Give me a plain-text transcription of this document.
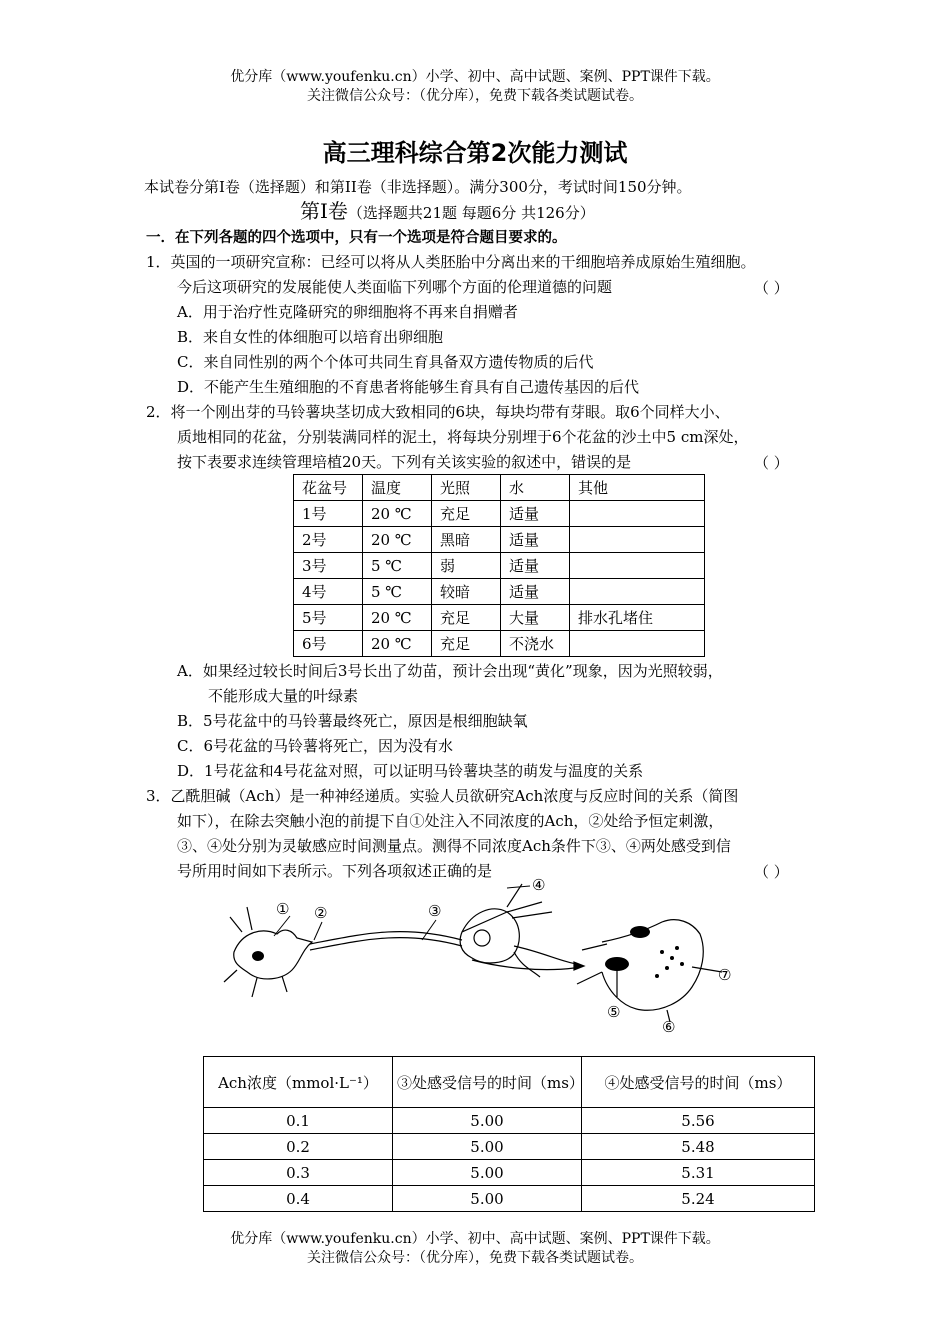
优分库（www.youfenku.cn）小学、初中、高中试题、案例、PPT课件下载。
关注微信公众号：（优分库），免费下载各类试题试卷。
高三理科综合第2次能力测试
本试卷分第I卷（选择题）和第II卷（非选择题）。满分300分，考试时间150分钟。
第Ⅰ卷（选择题共21题 每题6分 共126分）
一．在下列各题的四个选项中，只有一个选项是符合题目要求的。
1．英国的一项研究宣称：已经可以将从人类胚胎中分离出来的干细胞培养成原始生殖细胞。
今后这项研究的发展能使人类面临下列哪个方面的伦理道德的问题	（ ）
A．用于治疗性克隆研究的卵细胞将不再来自捐赠者
B．来自女性的体细胞可以培育出卵细胞
C．来自同性别的两个个体可共同生育具备双方遗传物质的后代
D．不能产生生殖细胞的不育患者将能够生育具有自己遗传基因的后代
2．将一个刚出芽的马铃薯块茎切成大致相同的6块，每块均带有芽眼。取6个同样大小、
质地相同的花盆，分别装满同样的泥土，将每块分别埋于6个花盆的沙土中5 cm深处，
按下表要求连续管理培植20天。下列有关该实验的叙述中，错误的是	（ ）
花盆号	温度	光照	水	其他
1号	20 ℃	充足	适量	
2号	20 ℃	黑暗	适量	
3号	5 ℃	弱	适量	
4号	5 ℃	较暗	适量	
5号	20 ℃	充足	大量	排水孔堵住
6号	20 ℃	充足	不浇水	
A．如果经过较长时间后3号长出了幼苗，预计会出现“黄化”现象，因为光照较弱，
不能形成大量的叶绿素
B．5号花盆中的马铃薯最终死亡，原因是根细胞缺氧
C．6号花盆的马铃薯将死亡，因为没有水
D．1号花盆和4号花盆对照，可以证明马铃薯块茎的萌发与温度的关系
3．乙酰胆碱（Ach）是一种神经递质。实验人员欲研究Ach浓度与反应时间的关系（简图
如下），在除去突触小泡的前提下自①处注入不同浓度的Ach，②处给予恒定刺激，
③、④处分别为灵敏感应时间测量点。测得不同浓度Ach条件下③、④两处感受到信
号所用时间如下表所示。下列各项叙述正确的是	（ ）
① ②	③
④
⑤
⑥
⑦
Ach浓度（mmol·L⁻¹）	③处感受信号的时间（ms）	④处感受信号的时间（ms）
0.1	5.00	5.56
0.2	5.00	5.48
0.3	5.00	5.31
0.4	5.00	5.24
优分库（www.youfenku.cn）小学、初中、高中试题、案例、PPT课件下载。
关注微信公众号：（优分库），免费下载各类试题试卷。
